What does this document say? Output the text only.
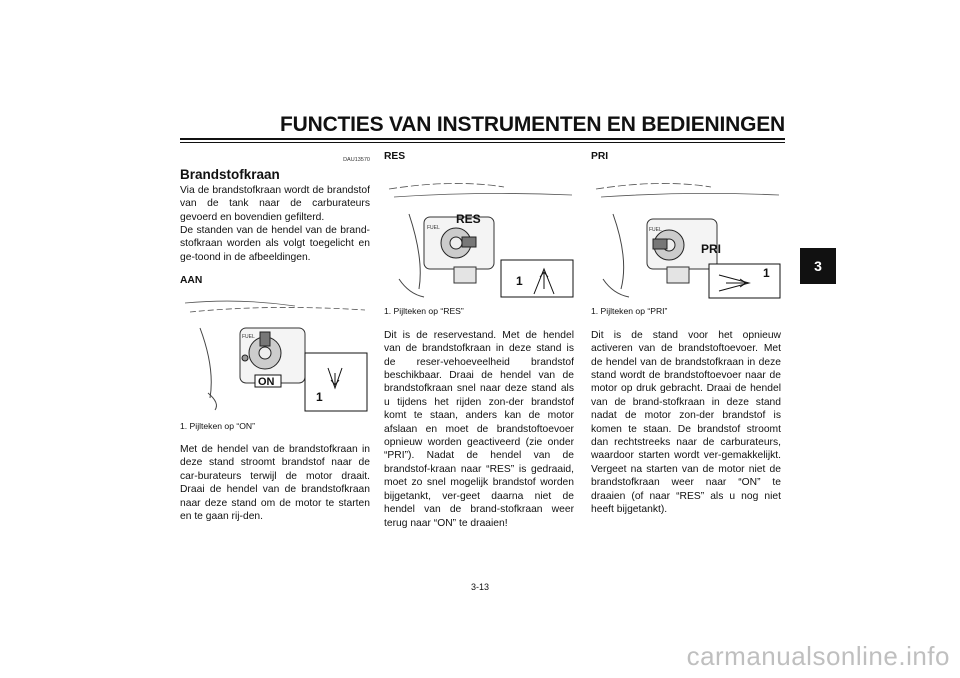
FUNCTIES VAN INSTRUMENTEN EN BEDIENINGEN
3
DAU13570
Brandstofkraan

Via de brandstofkraan wordt de brandstof van de tank naar de carburateurs gevoerd en bovendien gefilterd.

De standen van de hendel van de brand-stofkraan worden als volgt toegelicht en ge-toond in de afbeeldingen.

AAN
FUEL
ON
1
1. Pijlteken op “ON”

Met de hendel van de brandstofkraan in deze stand stroomt brandstof naar de car-burateurs terwijl de motor draait. Draai de hendel van de brandstofkraan naar deze stand om de motor te starten en te gaan rij-den.

RES
FUEL
RES
1
1. Pijlteken op “RES”

Dit is de reservestand. Met de hendel van de brandstofkraan in deze stand is de reser-vehoeveelheid brandstof beschikbaar. Draai de hendel van de brandstofkraan snel naar deze stand als u tijdens het rijden zon-der brandstof komt te staan, anders kan de motor afslaan en moet de brandstoftoevoer opnieuw worden geactiveerd (zie onder “PRI”). Nadat de hendel van de brandstof-kraan naar “RES” is gedraaid, moet zo snel mogelijk brandstof worden bijgetankt, ver-geet daarna niet de hendel van de brand-stofkraan weer terug naar “ON” te draaien!

PRI
FUEL
PRI
1
1. Pijlteken op “PRI”

Dit is de stand voor het opnieuw activeren van de brandstoftoevoer. Met de hendel van de brandstofkraan in deze stand wordt de brandstoftoevoer naar de motor op druk gebracht. Draai de hendel van de brand-stofkraan in deze stand nadat de motor zon-der brandstof is komen te staan. De brandstof stroomt dan rechtstreeks naar de carburateurs, waardoor starten wordt ver-gemakkelijkt. Vergeet na starten van de motor niet de brandstofkraan weer naar “ON” te draaien (of naar “RES” als u nog niet heeft bijgetankt).

3-13
carmanualsonline.info
